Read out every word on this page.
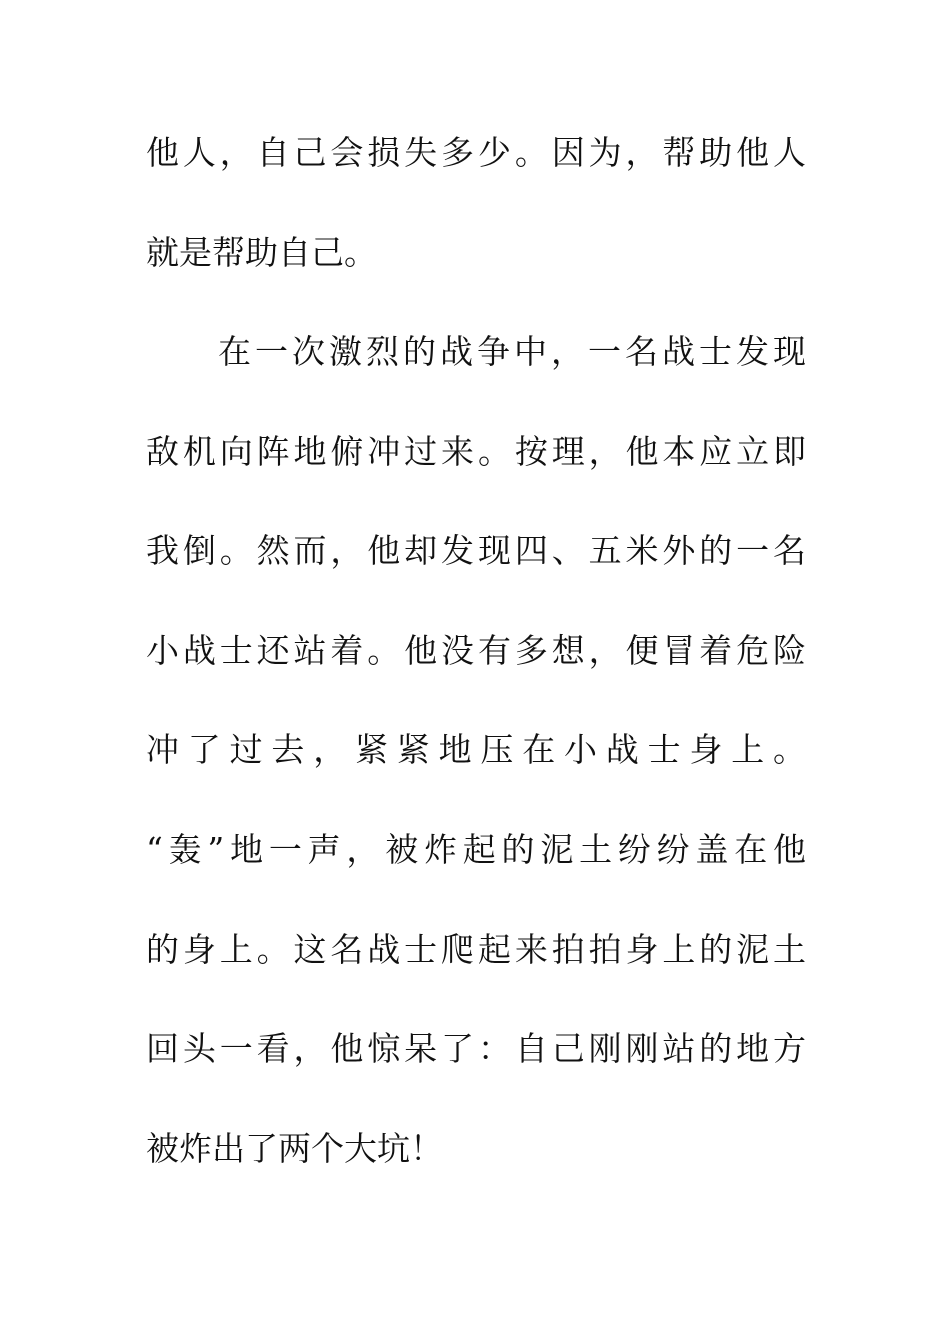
他人，自己会损失多少。因为，帮助他人
就是帮助自己。
在一次激烈的战争中，一名战士发现
敌机向阵地俯冲过来。按理，他本应立即
我倒。然而，他却发现四、五米外的一名
小战士还站着。他没有多想，便冒着危险
冲了过去，紧紧地压在小战士身上。
“轰”地一声，被炸起的泥土纷纷盖在他
的身上。这名战士爬起来拍拍身上的泥土
回头一看，他惊呆了：自己刚刚站的地方
被炸出了两个大坑！
